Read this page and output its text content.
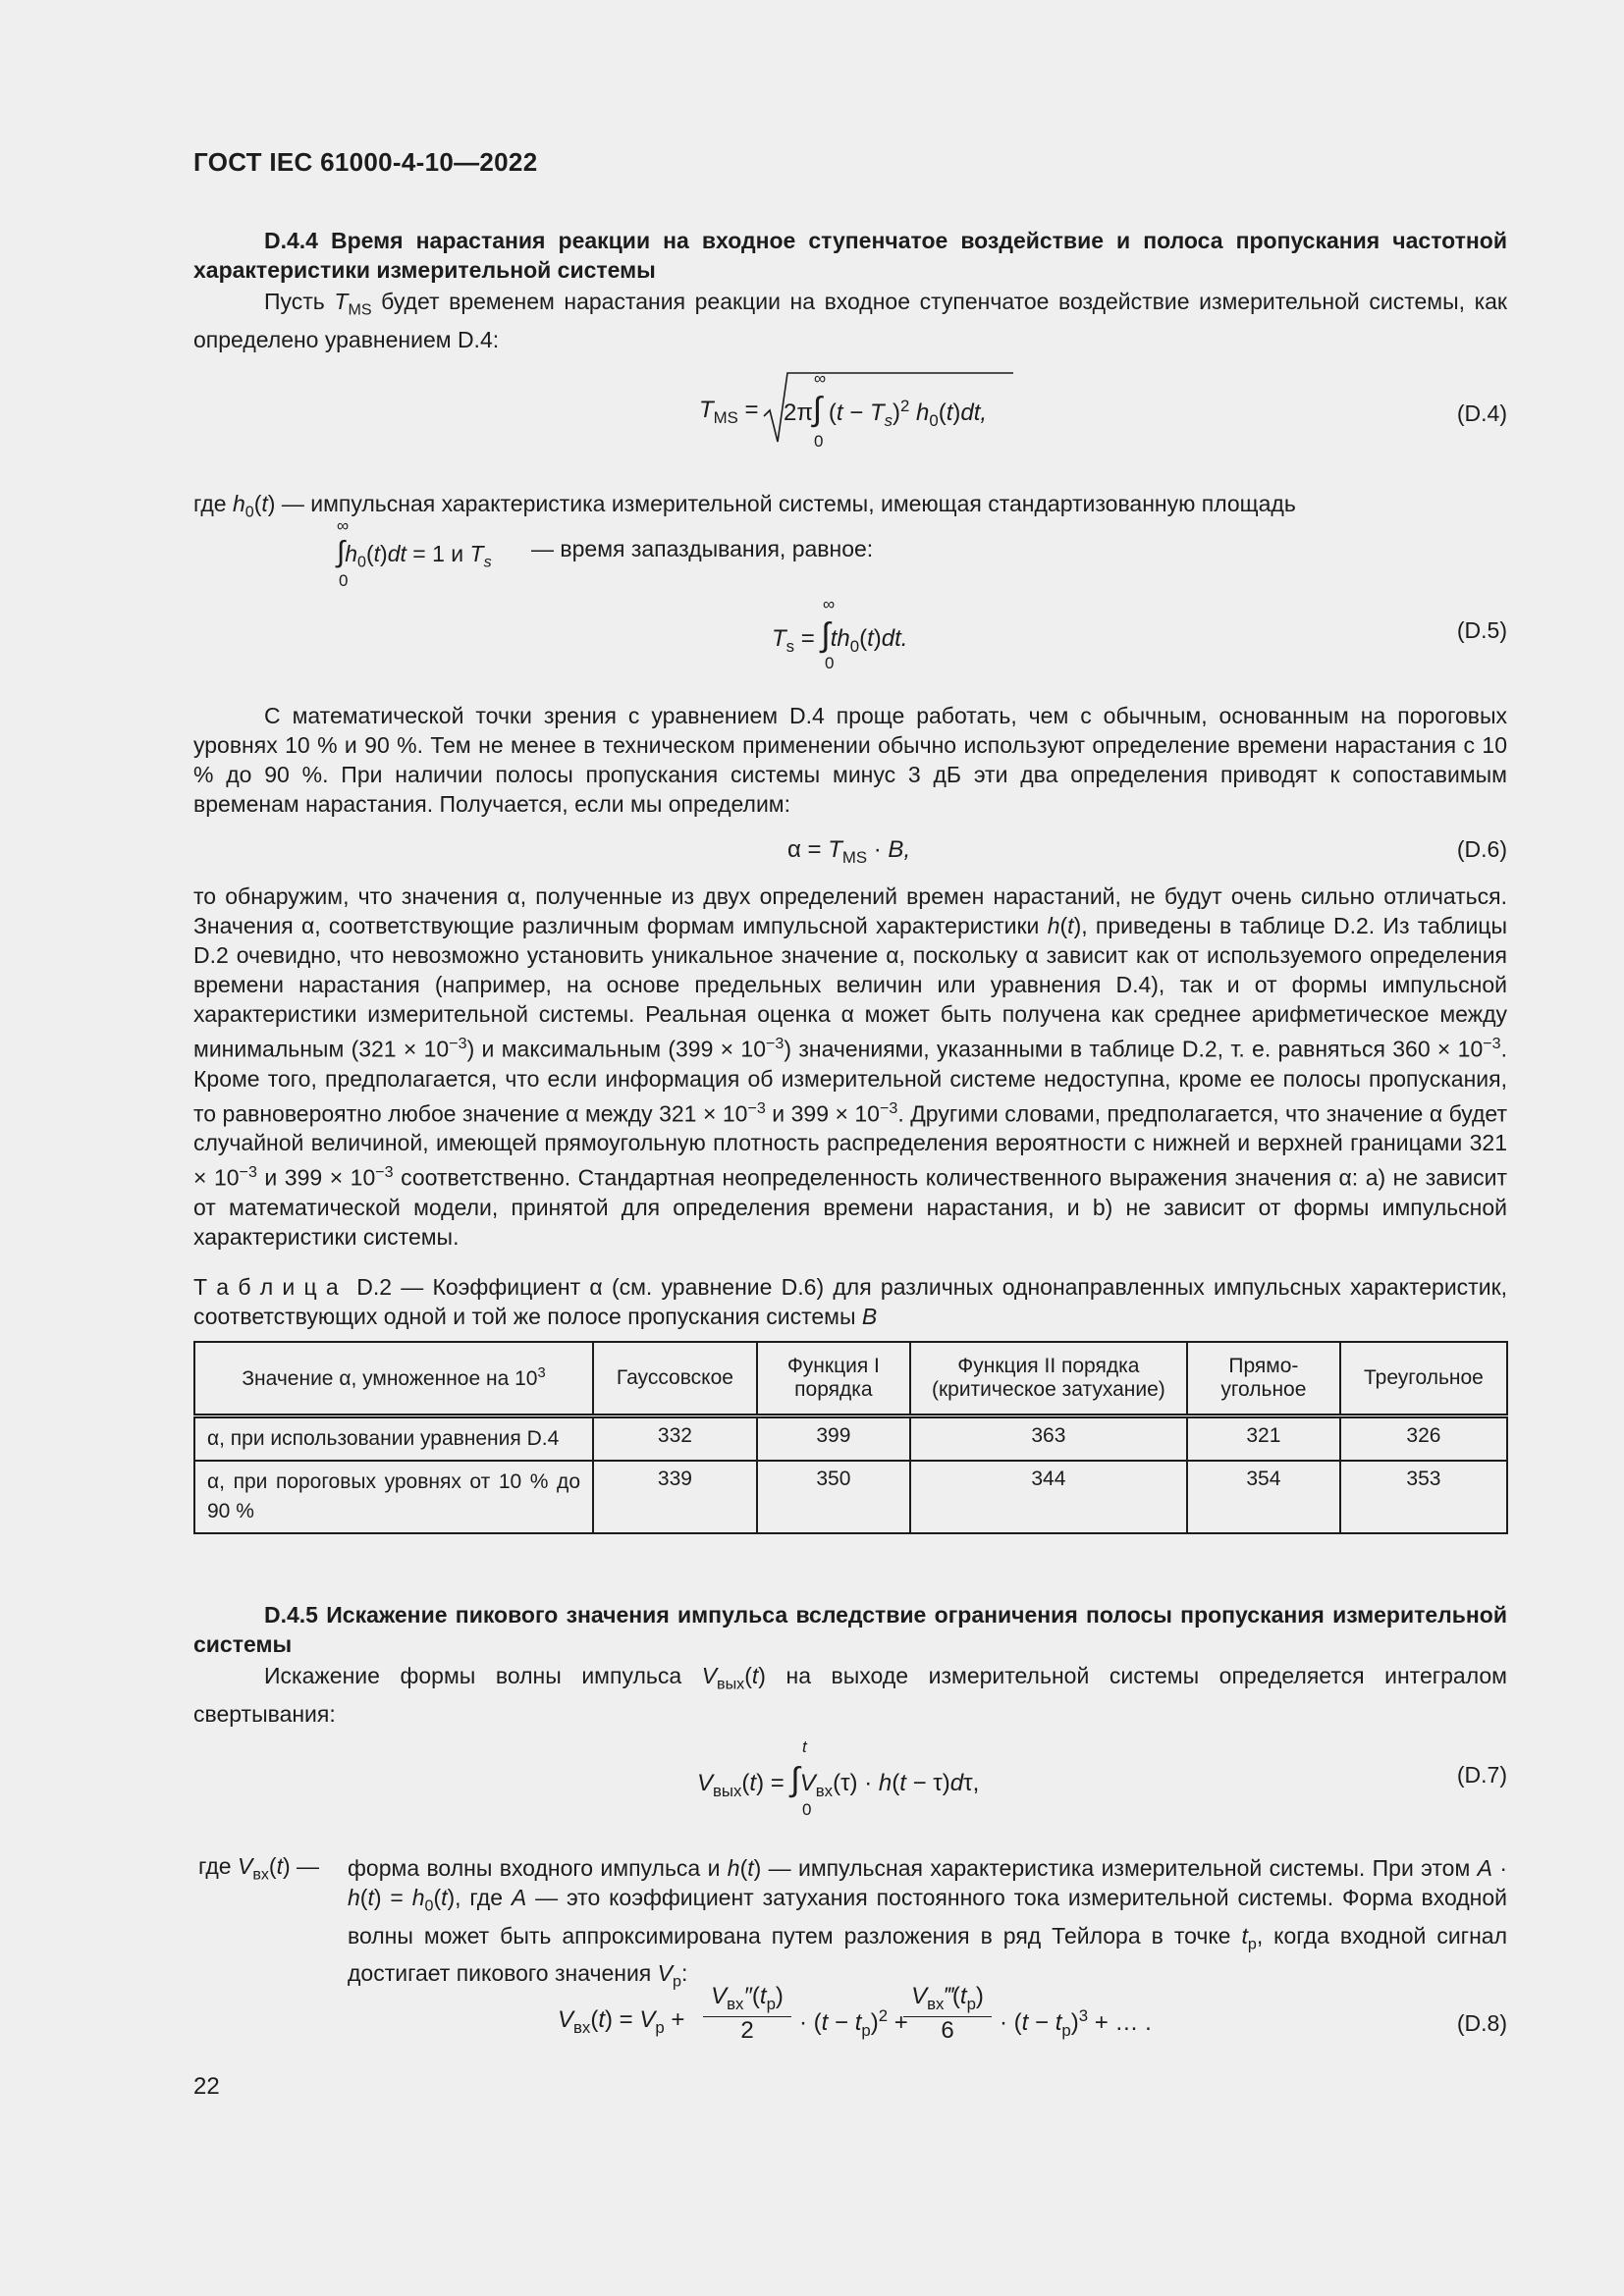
ГОСТ IEC 61000-4-10—2022
D.4.4 Время нарастания реакции на входное ступенчатое воздействие и полоса пропускания частотной характеристики измерительной системы
Пусть $T_{MS}$ будет временем нарастания реакции на входное ступенчатое воздействие измерительной системы, как определено уравнением D.4:
$T_{MS}$ =
∞
2π∫ $(t - T_s)^2$ $h_0(t)dt$,
0
(D.4)
где $h_0(t)$ — импульсная характеристика измерительной системы, имеющая стандартизованную площадь
∞
$\int h_0(t)dt = 1$ и $T_s$
0
— время запаздывания, равное:
∞
$T_s = \int th_0(t)dt$.
0
(D.5)
С математической точки зрения с уравнением D.4 проще работать, чем с обычным, основанным на пороговых уровнях 10 % и 90 %. Тем не менее в техническом применении обычно используют определение времени нарастания с 10 % до 90 %. При наличии полосы пропускания системы минус 3 дБ эти два определения приводят к сопоставимым временам нарастания. Получается, если мы определим:
$\alpha = T_{MS} \cdot B$,	(D.6)
то обнаружим, что значения α, полученные из двух определений времен нарастаний, не будут очень сильно отличаться. Значения α, соответствующие различным формам импульсной характеристики h(t), приведены в таблице D.2. Из таблицы D.2 очевидно, что невозможно установить уникальное значение α, поскольку α зависит как от используемого определения времени нарастания (например, на основе предельных величин или уравнения D.4), так и от формы импульсной характеристики измерительной системы. Реальная оценка α может быть получена как среднее арифметическое между минимальным $(321 \times 10^{-3})$ и максимальным $(399 \times 10^{-3})$ значениями, указанными в таблице D.2, т. е. равняться $360 \times 10^{-3}$. Кроме того, предполагается, что если информация об измерительной системе недоступна, кроме ее полосы пропускания, то равновероятно любое значение α между $321 \times 10^{-3}$ и $399 \times 10^{-3}$. Другими словами, предполагается, что значение α будет случайной величиной, имеющей прямоугольную плотность распределения вероятности с нижней и верхней границами $321 \times 10^{-3}$ и $399 \times 10^{-3}$ соответственно. Стандартная неопределенность количественного выражения значения α: a) не зависит от математической модели, принятой для определения времени нарастания, и b) не зависит от формы импульсной характеристики системы.
Т а б л и ц а D.2 — Коэффициент α (см. уравнение D.6) для различных однонаправленных импульсных характеристик, соответствующих одной и той же полосе пропускания системы B
Значение α, умноженное на $10^3$	Гауссовское	Функция I порядка	Функция II порядка (критическое затухание)	Прямо-угольное	Треугольное
α, при использовании уравнения D.4	332	399	363	321	326
α, при пороговых уровнях от 10 % до 90 %	339	350	344	354	353
D.4.5 Искажение пикового значения импульса вследствие ограничения полосы пропускания измерительной системы
Искажение формы волны импульса $V_{вых}(t)$ на выходе измерительной системы определяется интегралом свертывания:
t
$V_{вых}(t) = \int V_{вх}(\tau) \cdot h(t - \tau)d\tau$,
0
(D.7)
где $V_{вх}(t)$ — форма волны входного импульса и h(t) — импульсная характеристика измерительной системы. При этом $A \cdot h(t) = h_0(t)$, где A — это коэффициент затухания постоянного тока измерительной системы. Форма входной волны может быть аппроксимирована путем разложения в ряд Тейлора в точке $t_p$, когда входной сигнал достигает пикового значения $V_p$:
$V_{вх}(t) = V_p$ +
$V_{вх}''(t_p)$
2	· $(t - t_p)^2$ +
$V_{вх}‴(t_p)$
6	· $(t - t_p)^3$ + … .	(D.8)
22
